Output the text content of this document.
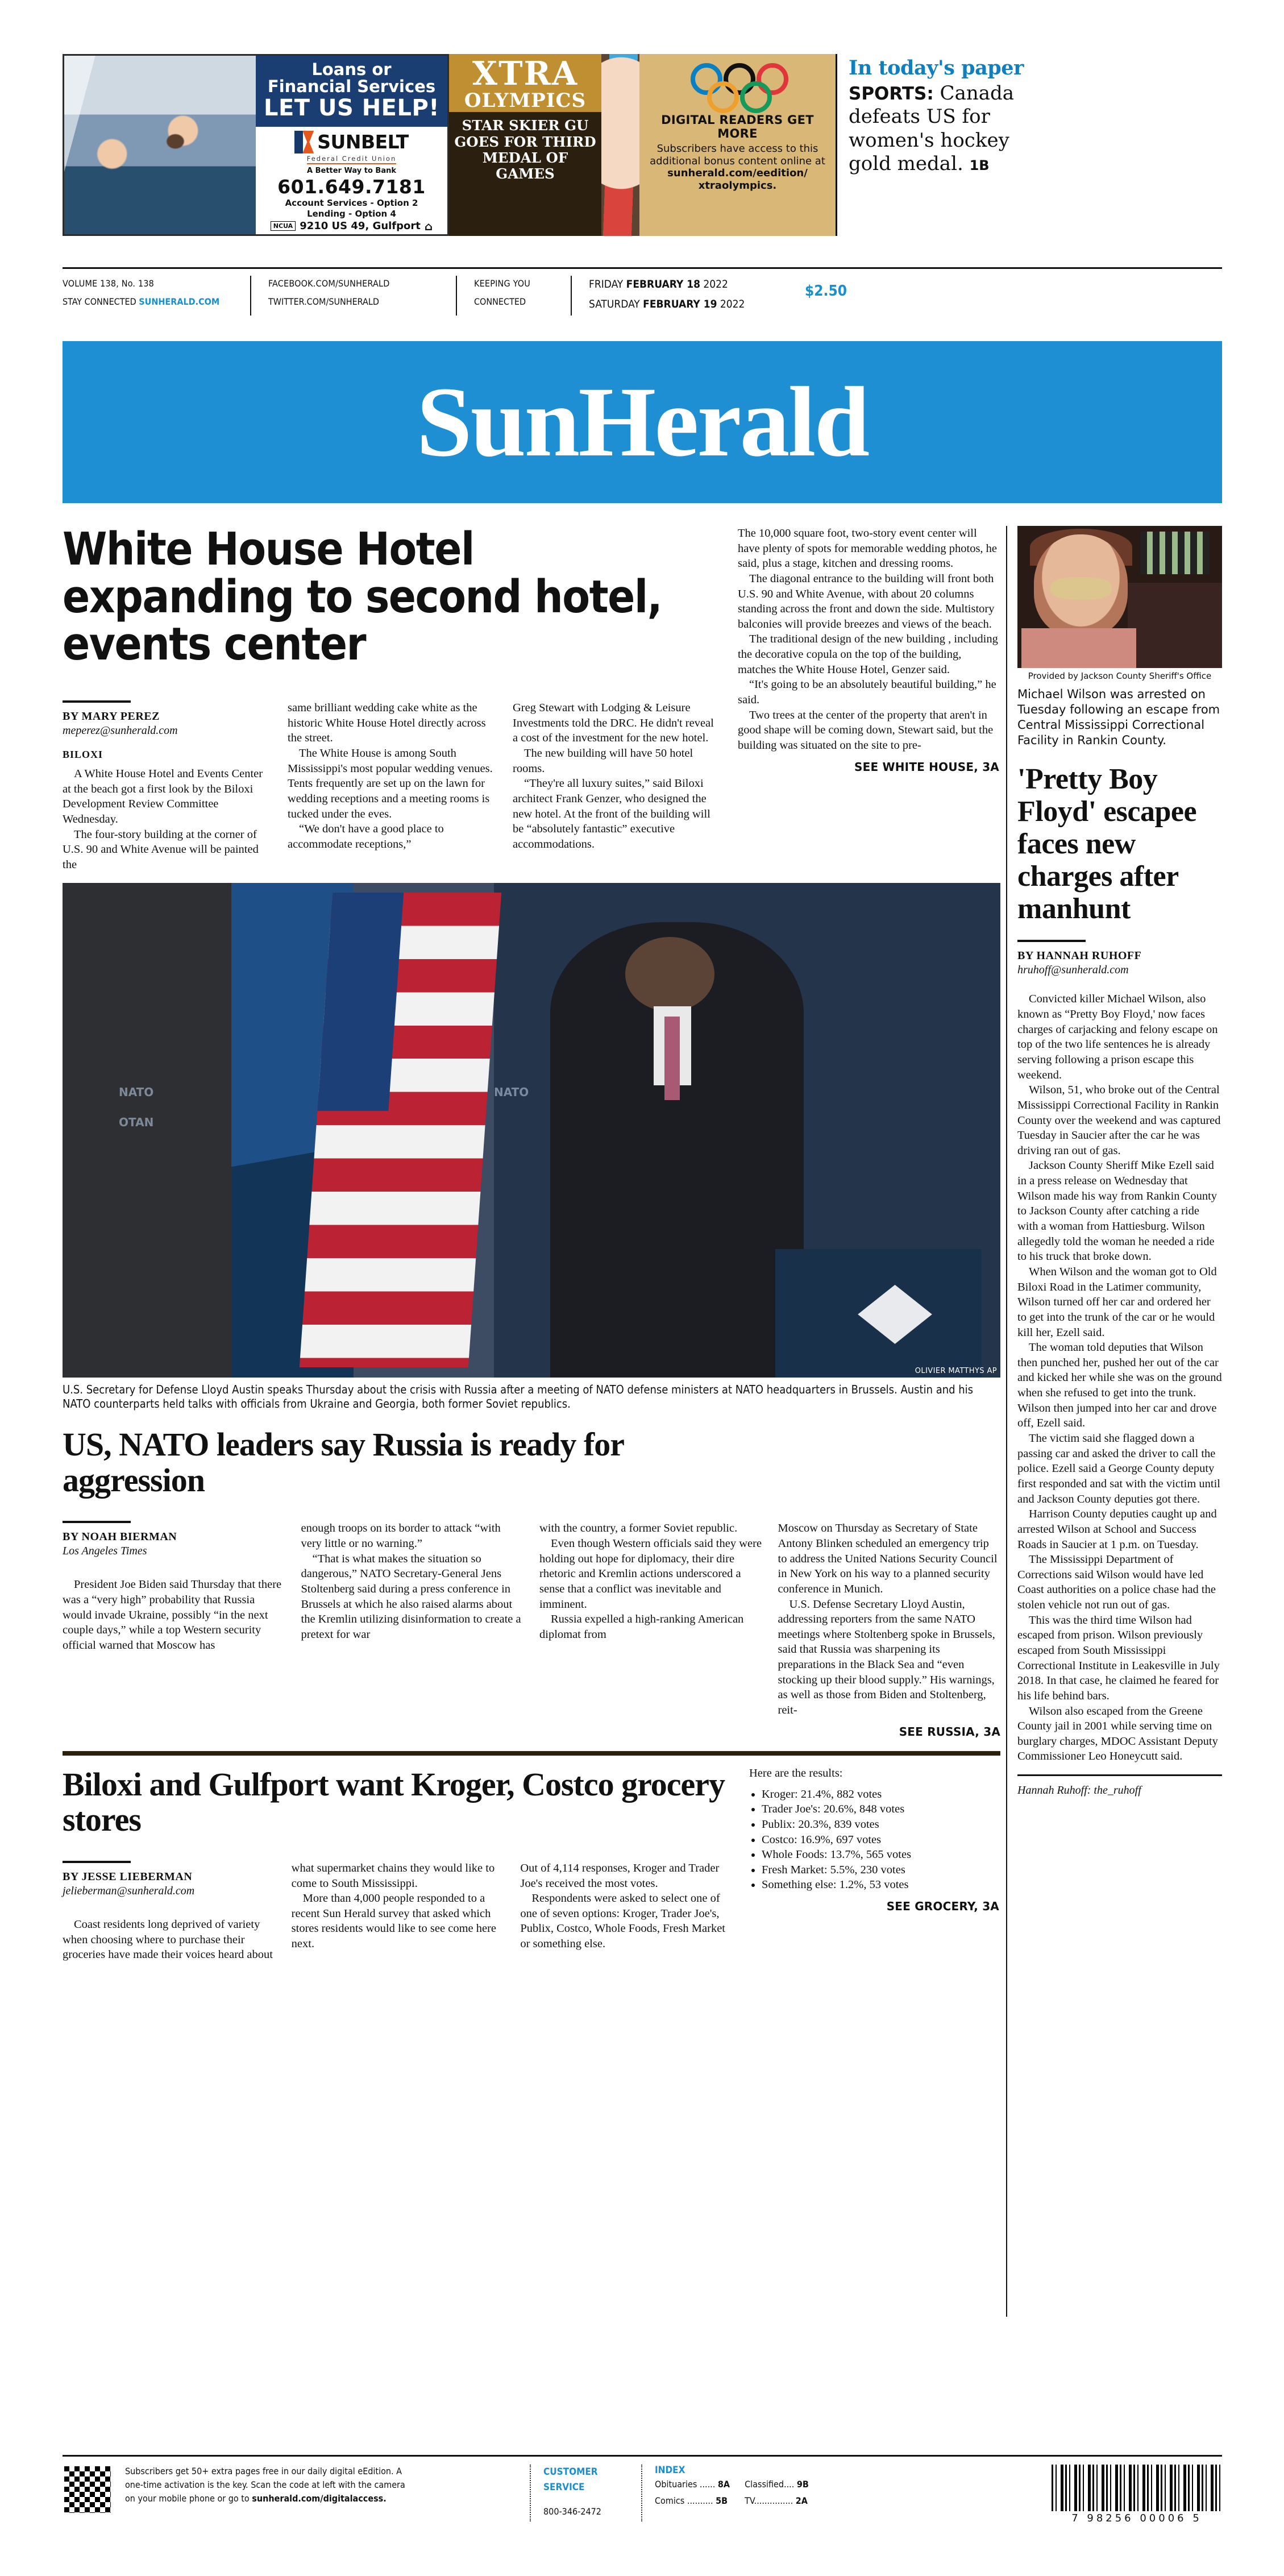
Loans or
Financial Services
LET US HELP!
SUNBELT
Federal Credit Union
A Better Way to Bank
601.649.7181
Account Services - Option 2
Lending - Option 4
NCUA 9210 US 49, Gulfport ⌂
XTRA
OLYMPICS
STAR SKIER GU GOES FOR THIRD MEDAL OF GAMES
DIGITAL READERS GET MORE
Subscribers have access to this
additional bonus content online at
sunherald.com/eedition/
xtraolympics.
In today's paper
SPORTS: Canada defeats US for women's hockey gold medal. 1B
VOLUME 138, No. 138
STAY CONNECTED SUNHERALD.COM
FACEBOOK.COM/SUNHERALD
TWITTER.COM/SUNHERALD
KEEPING YOU
CONNECTED
FRIDAY FEBRUARY 18 2022
SATURDAY FEBRUARY 19 2022
$2.50
SunHerald
White House Hotel expanding to second hotel, events center
BY MARY PEREZ
meperez@sunherald.com
BILOXI

A White House Hotel and Events Center at the beach got a first look by the Biloxi Development Review Committee Wednesday.

The four-story building at the corner of U.S. 90 and White Avenue will be painted the

same brilliant wedding cake white as the historic White House Hotel directly across the street.

The White House is among South Mississippi's most popular wedding venues. Tents frequently are set up on the lawn for wedding receptions and a meeting rooms is tucked under the eves.

“We don't have a good place to accommodate receptions,”

Greg Stewart with Lodging & Leisure Investments told the DRC. He didn't reveal a cost of the investment for the new hotel.

The new building will have 50 hotel rooms.

“They're all luxury suites,” said Biloxi architect Frank Genzer, who designed the new hotel. At the front of the building will be “absolutely fantastic” executive accommodations.

The 10,000 square foot, two-story event center will have plenty of spots for memorable wedding photos, he said, plus a stage, kitchen and dressing rooms.

The diagonal entrance to the building will front both U.S. 90 and White Avenue, with about 20 columns standing across the front and down the side. Multistory balconies will provide breezes and views of the beach.

The traditional design of the new building , including the decorative copula on the top of the building, matches the White House Hotel, Genzer said.

“It's going to be an absolutely beautiful building,” he said.

Two trees at the center of the property that aren't in good shape will be coming down, Stewart said, but the building was situated on the site to pre-

SEE WHITE HOUSE, 3A
NATO
OTAN
NATO
OLIVIER MATTHYS AP
U.S. Secretary for Defense Lloyd Austin speaks Thursday about the crisis with Russia after a meeting of NATO defense ministers at NATO headquarters in Brussels. Austin and his NATO counterparts held talks with officials from Ukraine and Georgia, both former Soviet republics.
US, NATO leaders say Russia is ready for aggression
BY NOAH BIERMAN
Los Angeles Times

President Joe Biden said Thursday that there was a “very high” probability that Russia would invade Ukraine, possibly “in the next couple days,” while a top Western security official warned that Moscow has

enough troops on its border to attack “with very little or no warning.”

“That is what makes the situation so dangerous,” NATO Secretary-General Jens Stoltenberg said during a press conference in Brussels at which he also raised alarms about the Kremlin utilizing disinformation to create a pretext for war

with the country, a former Soviet republic.

Even though Western officials said they were holding out hope for diplomacy, their dire rhetoric and Kremlin actions underscored a sense that a conflict was inevitable and imminent.

Russia expelled a high-ranking American diplomat from

Moscow on Thursday as Secretary of State Antony Blinken scheduled an emergency trip to address the United Nations Security Council in New York on his way to a planned security conference in Munich.

U.S. Defense Secretary Lloyd Austin, addressing reporters from the same NATO meetings where Stoltenberg spoke in Brussels, said that Russia was sharpening its preparations in the Black Sea and “even stocking up their blood supply.” His warnings, as well as those from Biden and Stoltenberg, reit-

SEE RUSSIA, 3A
Biloxi and Gulfport want Kroger, Costco grocery stores
BY JESSE LIEBERMAN
jelieberman@sunherald.com

Coast residents long deprived of variety when choosing where to purchase their groceries have made their voices heard about

what supermarket chains they would like to come to South Mississippi.

More than 4,000 people responded to a recent Sun Herald survey that asked which stores residents would like to see come here next.

Out of 4,114 responses, Kroger and Trader Joe's received the most votes.

Respondents were asked to select one of one of seven options: Kroger, Trader Joe's, Publix, Costco, Whole Foods, Fresh Market or something else.

Here are the results:
• Kroger: 21.4%, 882 votes
• Trader Joe's: 20.6%, 848 votes
• Publix: 20.3%, 839 votes
• Costco: 16.9%, 697 votes
• Whole Foods: 13.7%, 565 votes
• Fresh Market: 5.5%, 230 votes
• Something else: 1.2%, 53 votes
SEE GROCERY, 3A
Provided by Jackson County Sheriff's Office
Michael Wilson was arrested on Tuesday following an escape from Central Mississippi Correctional Facility in Rankin County.
'Pretty Boy Floyd' escapee faces new charges after manhunt
BY HANNAH RUHOFF
hruhoff@sunherald.com

Convicted killer Michael Wilson, also known as “Pretty Boy Floyd,' now faces charges of carjacking and felony escape on top of the two life sentences he is already serving following a prison escape this weekend.

Wilson, 51, who broke out of the Central Mississippi Correctional Facility in Rankin County over the weekend and was captured Tuesday in Saucier after the car he was driving ran out of gas.

Jackson County Sheriff Mike Ezell said in a press release on Wednesday that Wilson made his way from Rankin County to Jackson County after catching a ride with a woman from Hattiesburg. Wilson allegedly told the woman he needed a ride to his truck that broke down.

When Wilson and the woman got to Old Biloxi Road in the Latimer community, Wilson turned off her car and ordered her to get into the trunk of the car or he would kill her, Ezell said.

The woman told deputies that Wilson then punched her, pushed her out of the car and kicked her while she was on the ground when she refused to get into the trunk. Wilson then jumped into her car and drove off, Ezell said.

The victim said she flagged down a passing car and asked the driver to call the police. Ezell said a George County deputy first responded and sat with the victim until and Jackson County deputies got there.

Harrison County deputies caught up and arrested Wilson at School and Success Roads in Saucier at 1 p.m. on Tuesday.

The Mississippi Department of Corrections said Wilson would have led Coast authorities on a police chase had the stolen vehicle not run out of gas.

This was the third time Wilson had escaped from prison. Wilson previously escaped from South Mississippi Correctional Institute in Leakesville in July 2018. In that case, he claimed he feared for his life behind bars.

Wilson also escaped from the Greene County jail in 2001 while serving time on burglary charges, MDOC Assistant Deputy Commissioner Leo Honeycutt said.

Hannah Ruhoff: the_ruhoff
Subscribers get 50+ extra pages free in our daily digital eEdition. A
one-time activation is the key. Scan the code at left with the camera
on your mobile phone or go to sunherald.com/digitalaccess.
CUSTOMER
SERVICE
800-346-2472
INDEX
Obituaries ...... 8A
Comics .......... 5B
Classified.... 9B
TV............... 2A
7 98256 00006 5
